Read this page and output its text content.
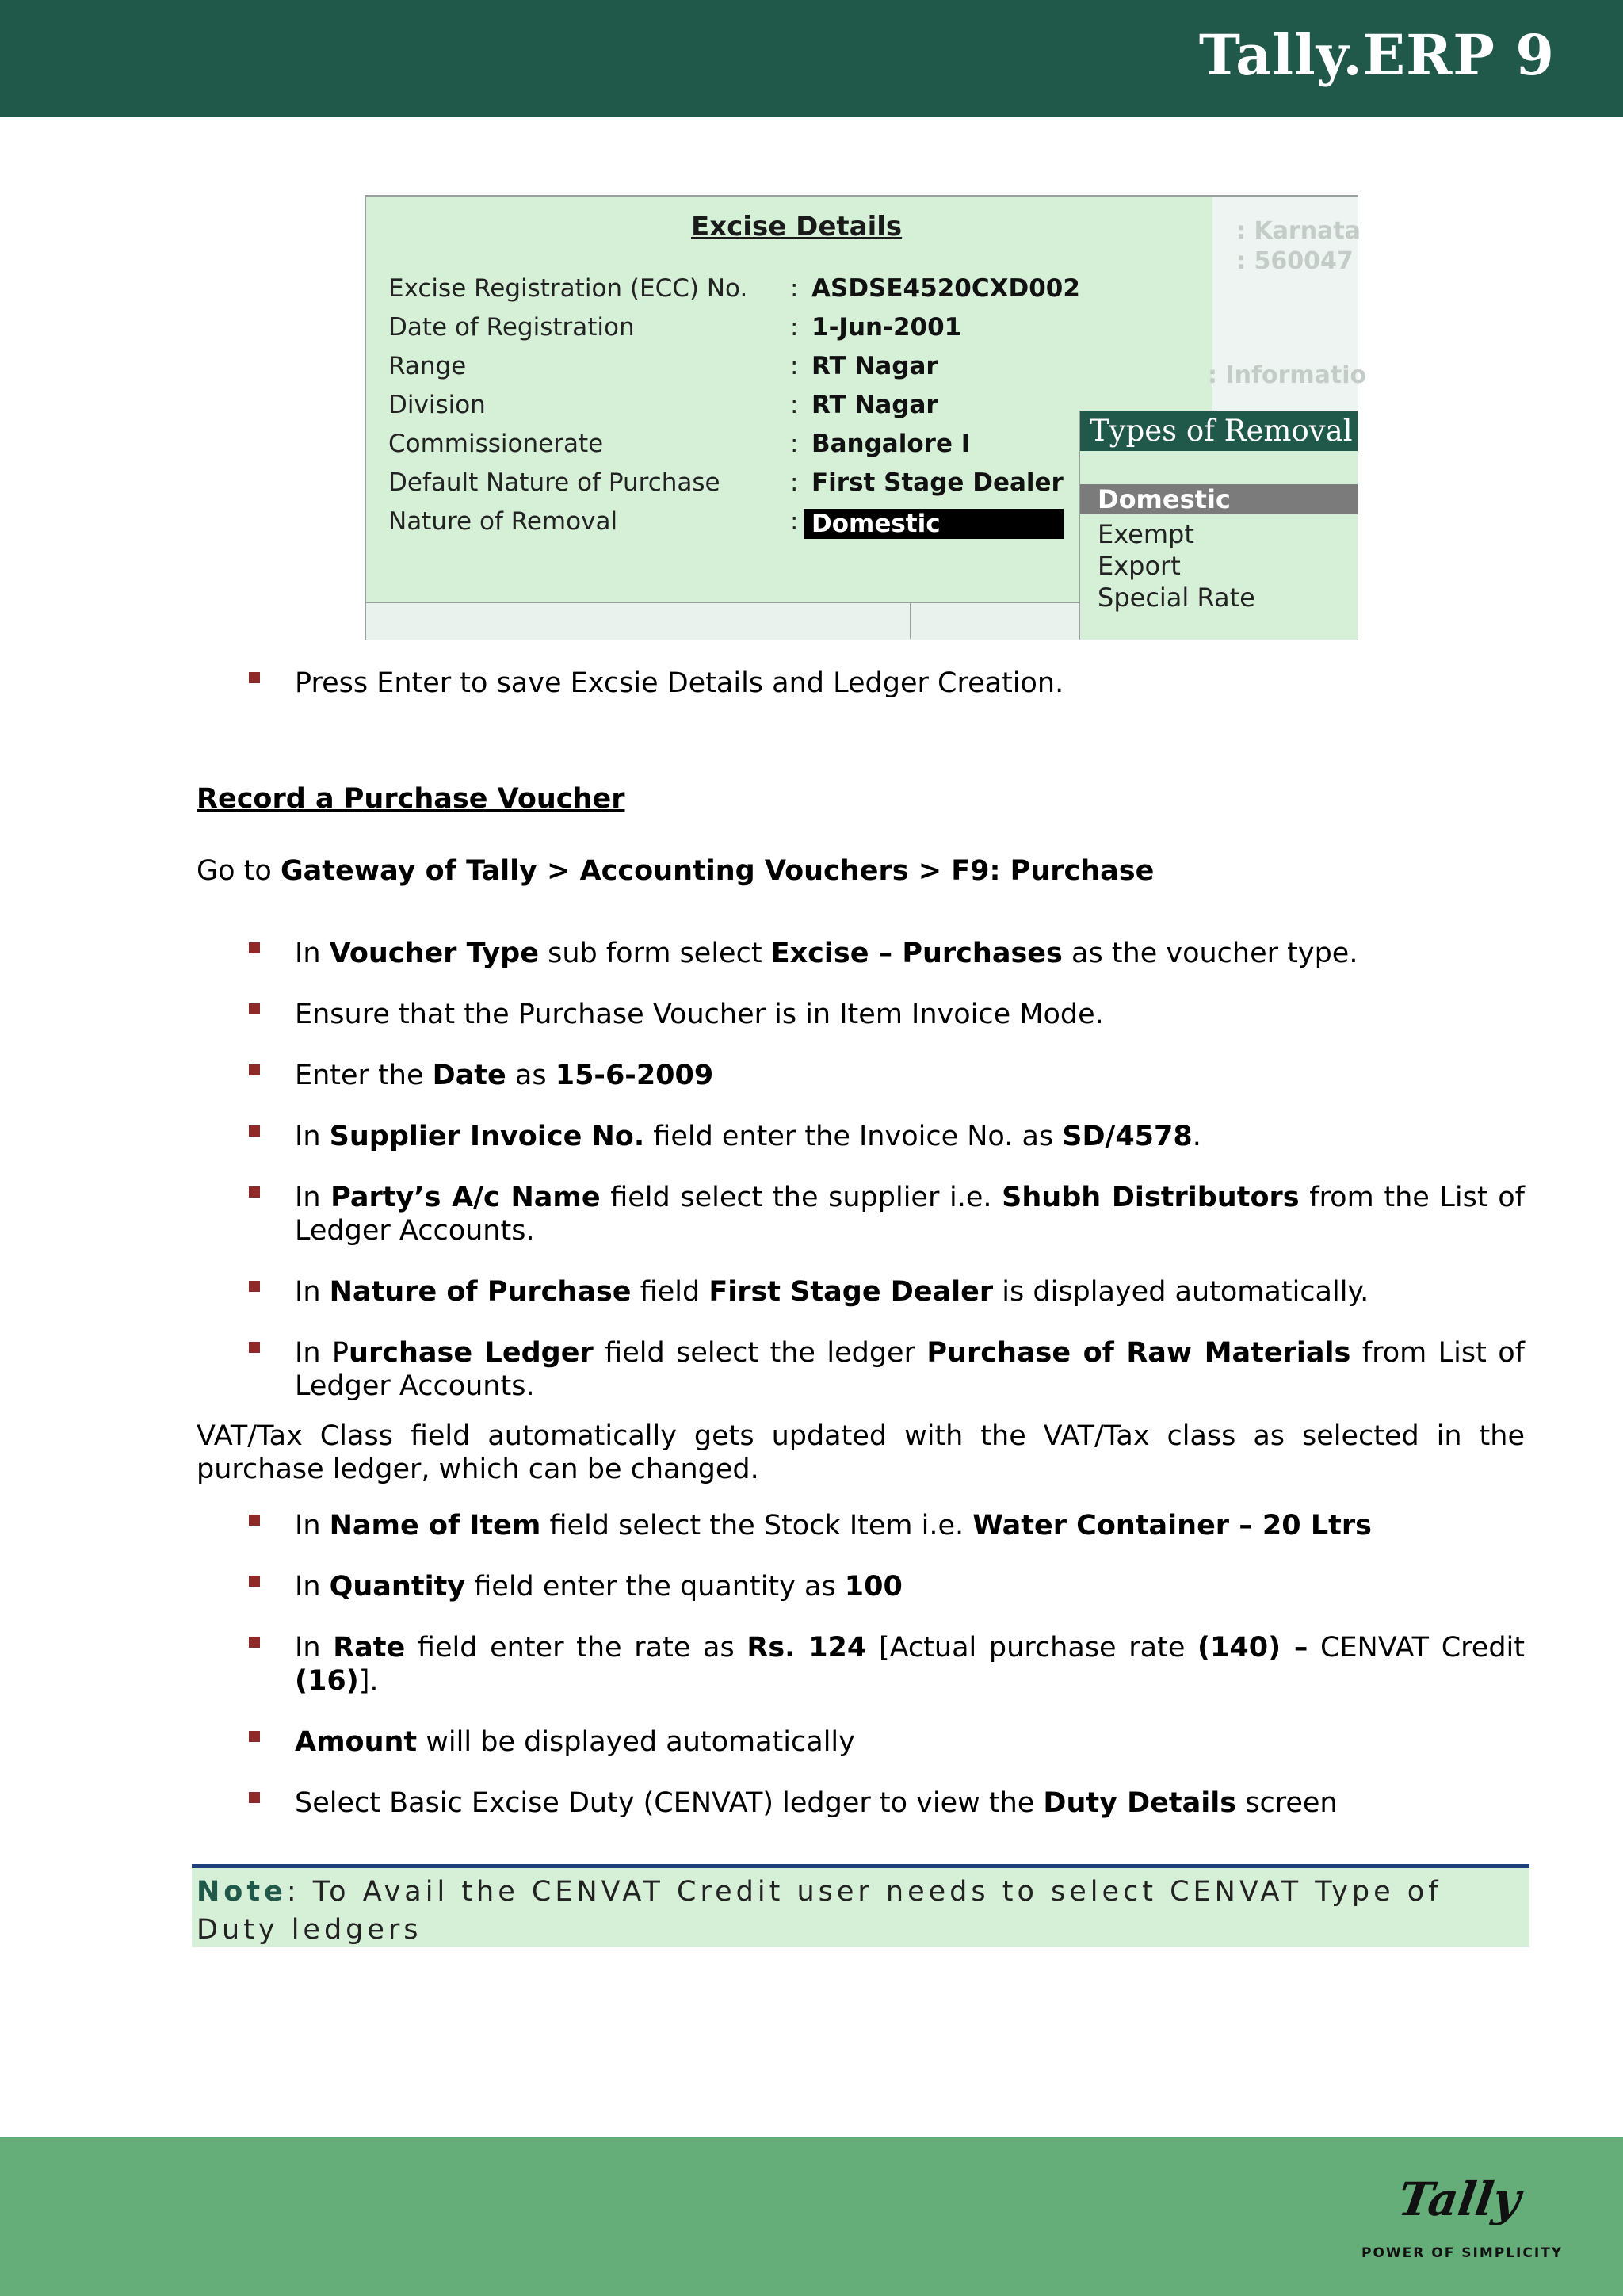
Tally.ERP 9
: Karnata
: 560047
: Informatio
Excise Details
Excise Registration (ECC) No. : ASDSE4520CXD002
Date of Registration	: 1-Jun-2001
Range	: RT Nagar
Division	: RT Nagar
Commissionerate	: Bangalore I
Default Nature of Purchase	: First Stage Dealer
Nature of Removal	: Domestic
Types of Removal
Domestic
Exempt
Export
Special Rate
Press Enter to save Excsie Details and Ledger Creation.
Record a Purchase Voucher
Go to Gateway of Tally > Accounting Vouchers > F9: Purchase
In Voucher Type sub form select Excise – Purchases as the voucher type.
Ensure that the Purchase Voucher is in Item Invoice Mode.
Enter the Date as 15-6-2009
In Supplier Invoice No. field enter the Invoice No. as SD/4578.
In Party’s A/c Name field select the supplier i.e. Shubh Distributors from the List of Ledger Accounts.
In Nature of Purchase field First Stage Dealer is displayed automatically.
In Purchase Ledger field select the ledger Purchase of Raw Materials from List of Ledger Accounts.
VAT/Tax Class field automatically gets updated with the VAT/Tax class as selected in the purchase ledger, which can be changed.
In Name of Item field select the Stock Item i.e. Water Container – 20 Ltrs
In Quantity field enter the quantity as 100
In Rate field enter the rate as Rs. 124 [Actual purchase rate (140) – CENVAT Credit (16)].
Amount will be displayed automatically
Select Basic Excise Duty (CENVAT) ledger to view the Duty Details screen
Note: To Avail the CENVAT Credit user needs to select CENVAT Type of Duty ledgers
Tally
POWER OF SIMPLICITY
